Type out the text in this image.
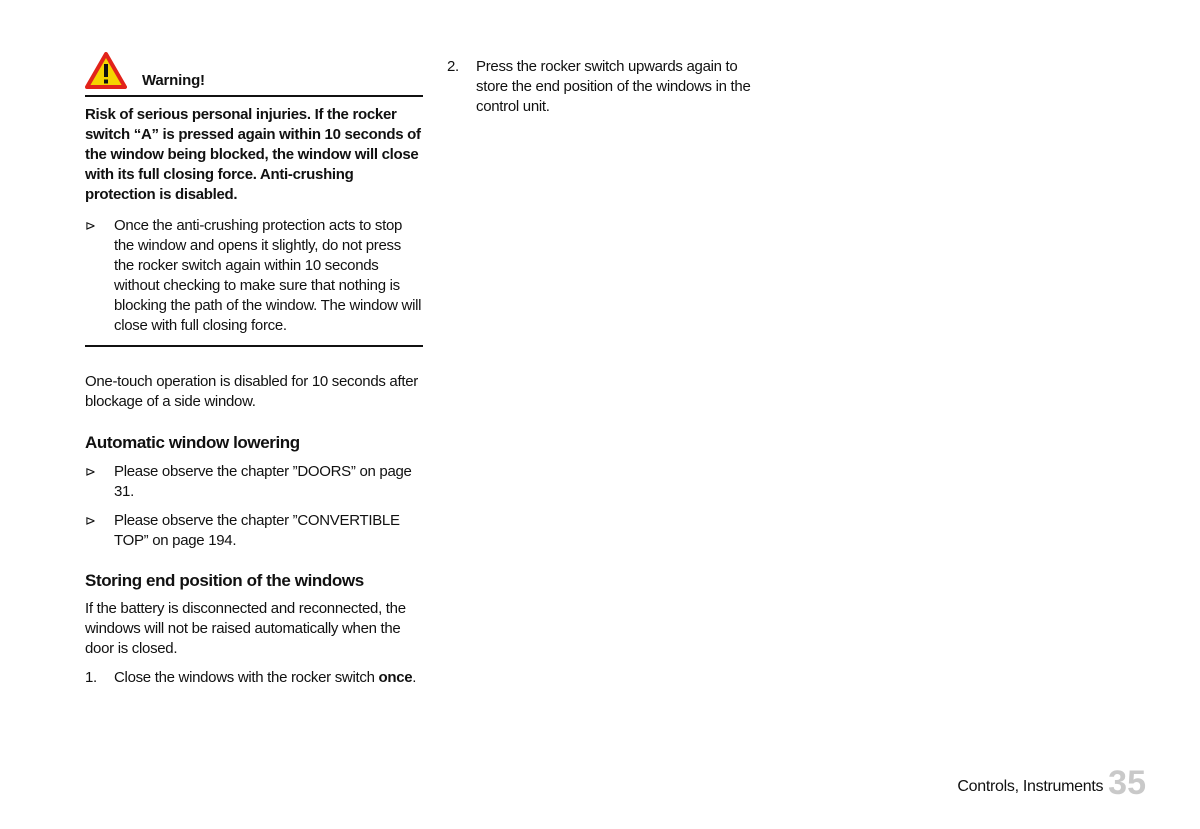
Warning!
Risk of serious personal injuries. If the rocker switch “A” is pressed again within 10 seconds of the window being blocked, the window will close with its full closing force. Anti-crushing protection is disabled.
⊳	Once the anti-crushing protection acts to stop the window and opens it slightly, do not press the rocker switch again within 10 seconds without checking to make sure that nothing is blocking the path of the window. The window will close with full closing force.
One-touch operation is disabled for 10 seconds after blockage of a side window.
Automatic window lowering
⊳	Please observe the chapter ”DOORS” on page 31.
⊳	Please observe the chapter ”CONVERTIBLE TOP” on page 194.
Storing end position of the windows
If the battery is disconnected and reconnected, the windows will not be raised automatically when the door is closed.
1. Close the windows with the rocker switch once.
2. Press the rocker switch upwards again to store the end position of the windows in the control unit.
Controls, Instruments 35
